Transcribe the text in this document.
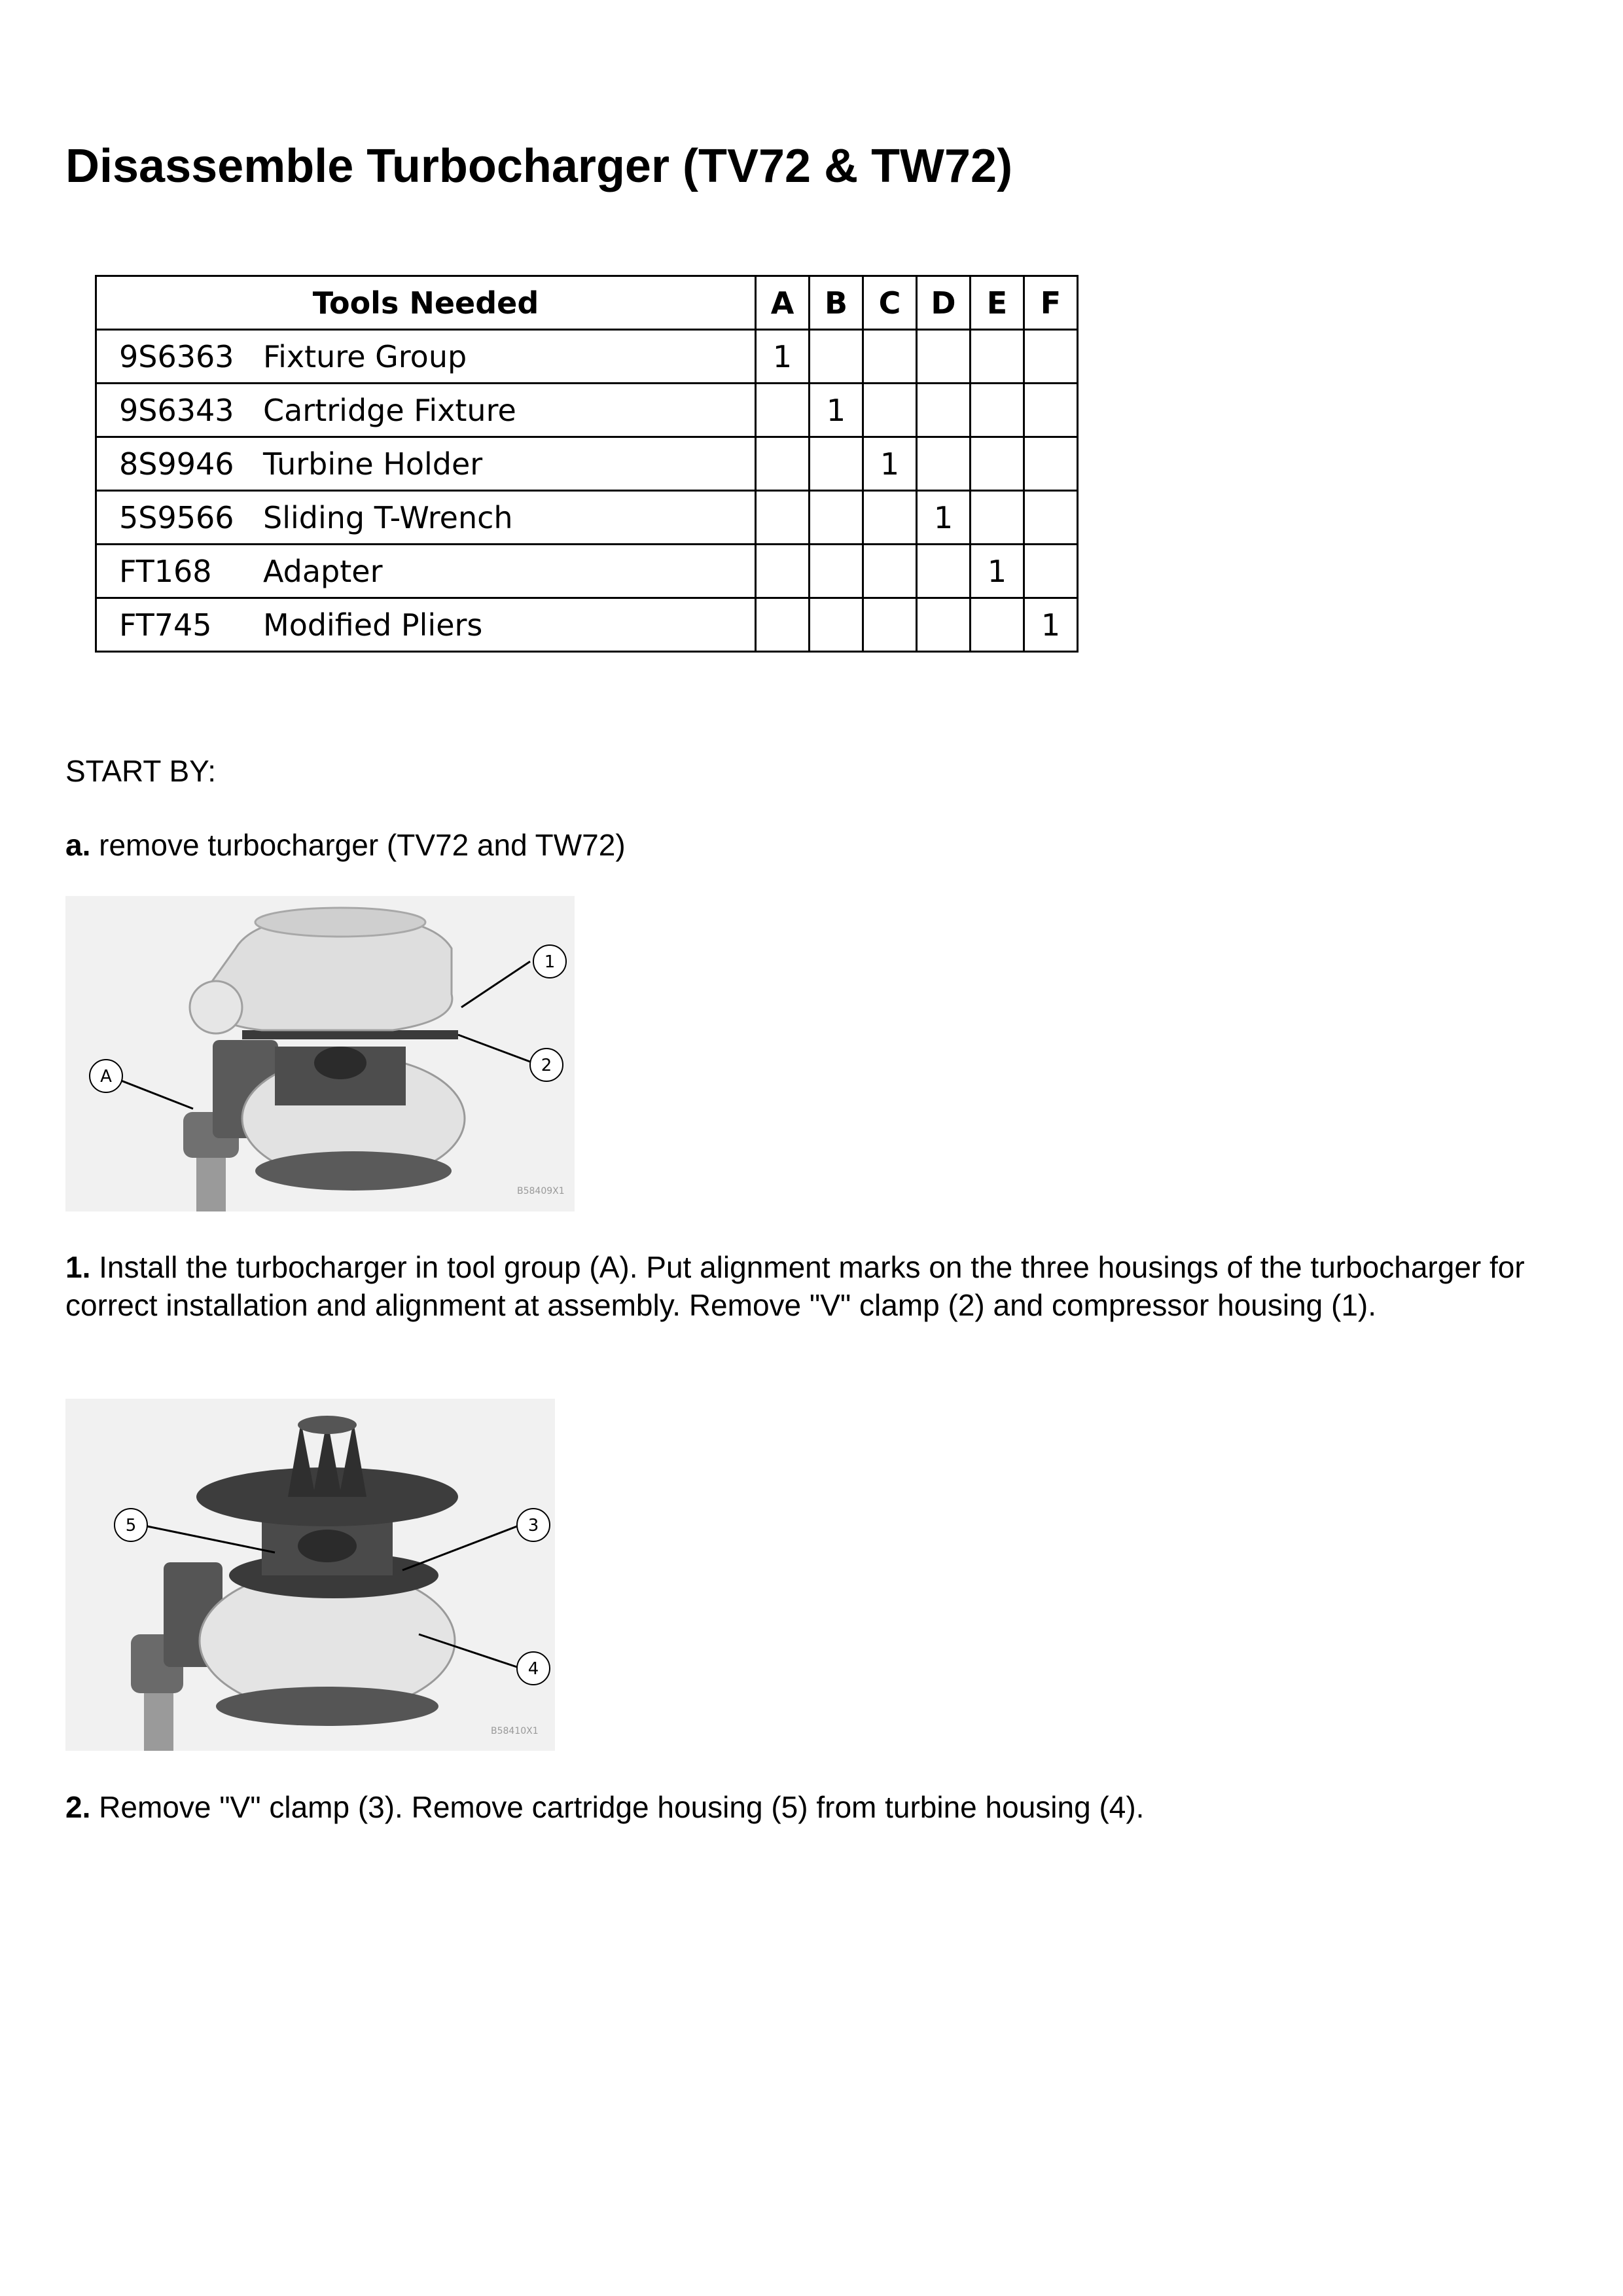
Disassemble Turbocharger (TV72 & TW72)
Tools Needed	A	B	C	D	E	F
9S6363 Fixture Group	1					
9S6343 Cartridge Fixture		1				
8S9946 Turbine Holder			1			
5S9566 Sliding T-Wrench				1		
FT168 Adapter					1	
FT745 Modified Pliers						1

START BY:

a. remove turbocharger (TV72 and TW72)

1
2
A
B58409X1

1. Install the turbocharger in tool group (A). Put alignment marks on the three housings of the turbocharger for correct installation and alignment at assembly. Remove "V" clamp (2) and compressor housing (1).

5	3
4
B58410X1

2. Remove "V" clamp (3). Remove cartridge housing (5) from turbine housing (4).
